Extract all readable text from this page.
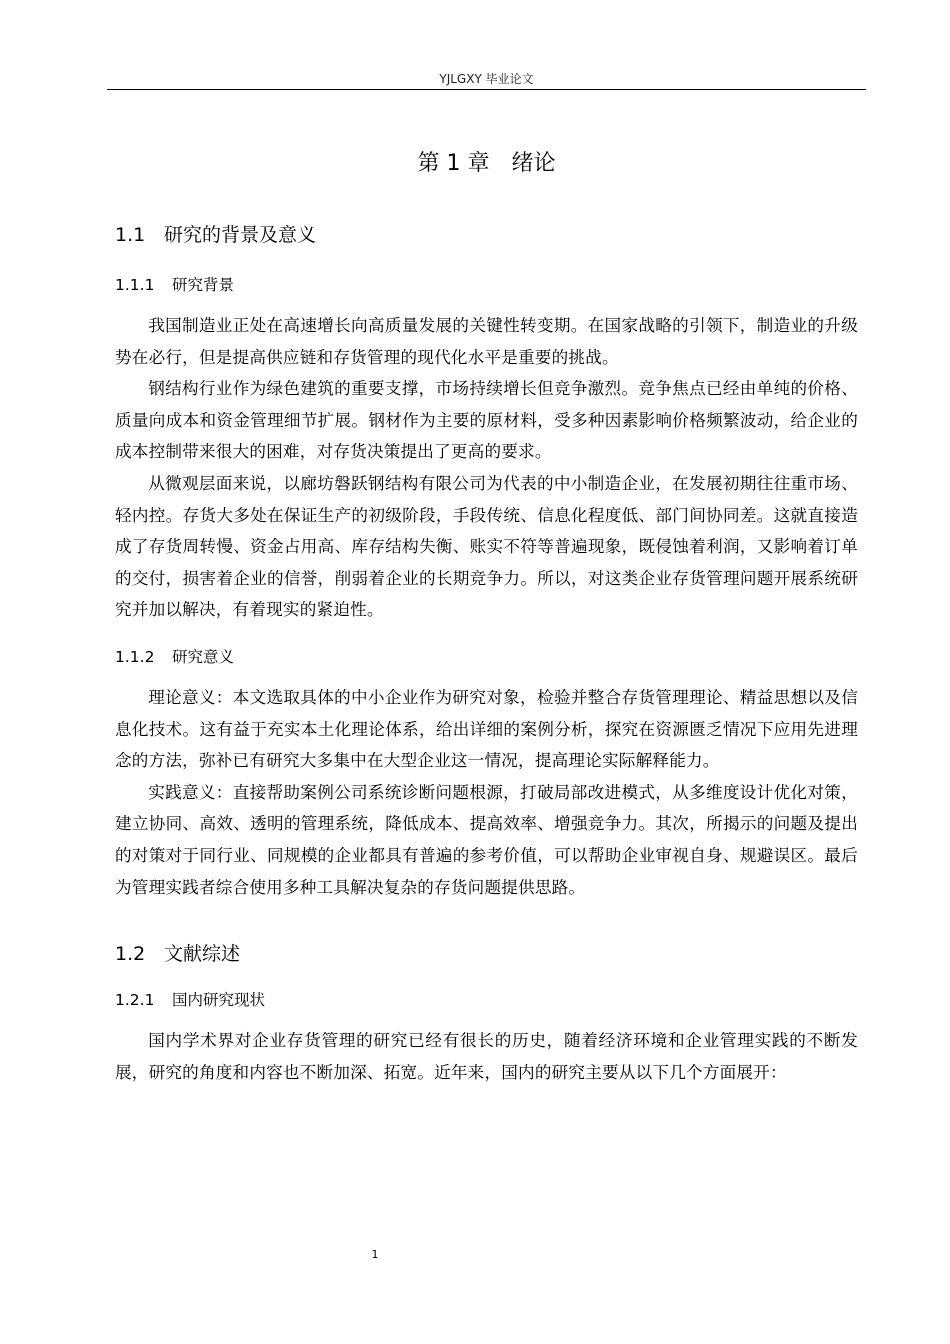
YJLGXY 毕业论文
第 1 章　绪论
1.1 研究的背景及意义
1.1.1 研究背景

我国制造业正处在高速增长向高质量发展的关键性转变期。在国家战略的引领下，制造业的升级势在必行，但是提高供应链和存货管理的现代化水平是重要的挑战。

钢结构行业作为绿色建筑的重要支撑，市场持续增长但竞争激烈。竞争焦点已经由单纯的价格、质量向成本和资金管理细节扩展。钢材作为主要的原材料，受多种因素影响价格频繁波动，给企业的成本控制带来很大的困难，对存货决策提出了更高的要求。

从微观层面来说，以廊坊磐跃钢结构有限公司为代表的中小制造企业，在发展初期往往重市场、轻内控。存货大多处在保证生产的初级阶段，手段传统、信息化程度低、部门间协同差。这就直接造成了存货周转慢、资金占用高、库存结构失衡、账实不符等普遍现象，既侵蚀着利润，又影响着订单的交付，损害着企业的信誉，削弱着企业的长期竞争力。所以，对这类企业存货管理问题开展系统研究并加以解决，有着现实的紧迫性。

1.1.2 研究意义

理论意义：本文选取具体的中小企业作为研究对象，检验并整合存货管理理论、精益思想以及信息化技术。这有益于充实本土化理论体系，给出详细的案例分析，探究在资源匮乏情况下应用先进理念的方法，弥补已有研究大多集中在大型企业这一情况，提高理论实际解释能力。

实践意义：直接帮助案例公司系统诊断问题根源，打破局部改进模式，从多维度设计优化对策，建立协同、高效、透明的管理系统，降低成本、提高效率、增强竞争力。其次，所揭示的问题及提出的对策对于同行业、同规模的企业都具有普遍的参考价值，可以帮助企业审视自身、规避误区。最后为管理实践者综合使用多种工具解决复杂的存货问题提供思路。

1.2 文献综述
1.2.1 国内研究现状

国内学术界对企业存货管理的研究已经有很长的历史，随着经济环境和企业管理实践的不断发展，研究的角度和内容也不断加深、拓宽。近年来，国内的研究主要从以下几个方面展开：

1
